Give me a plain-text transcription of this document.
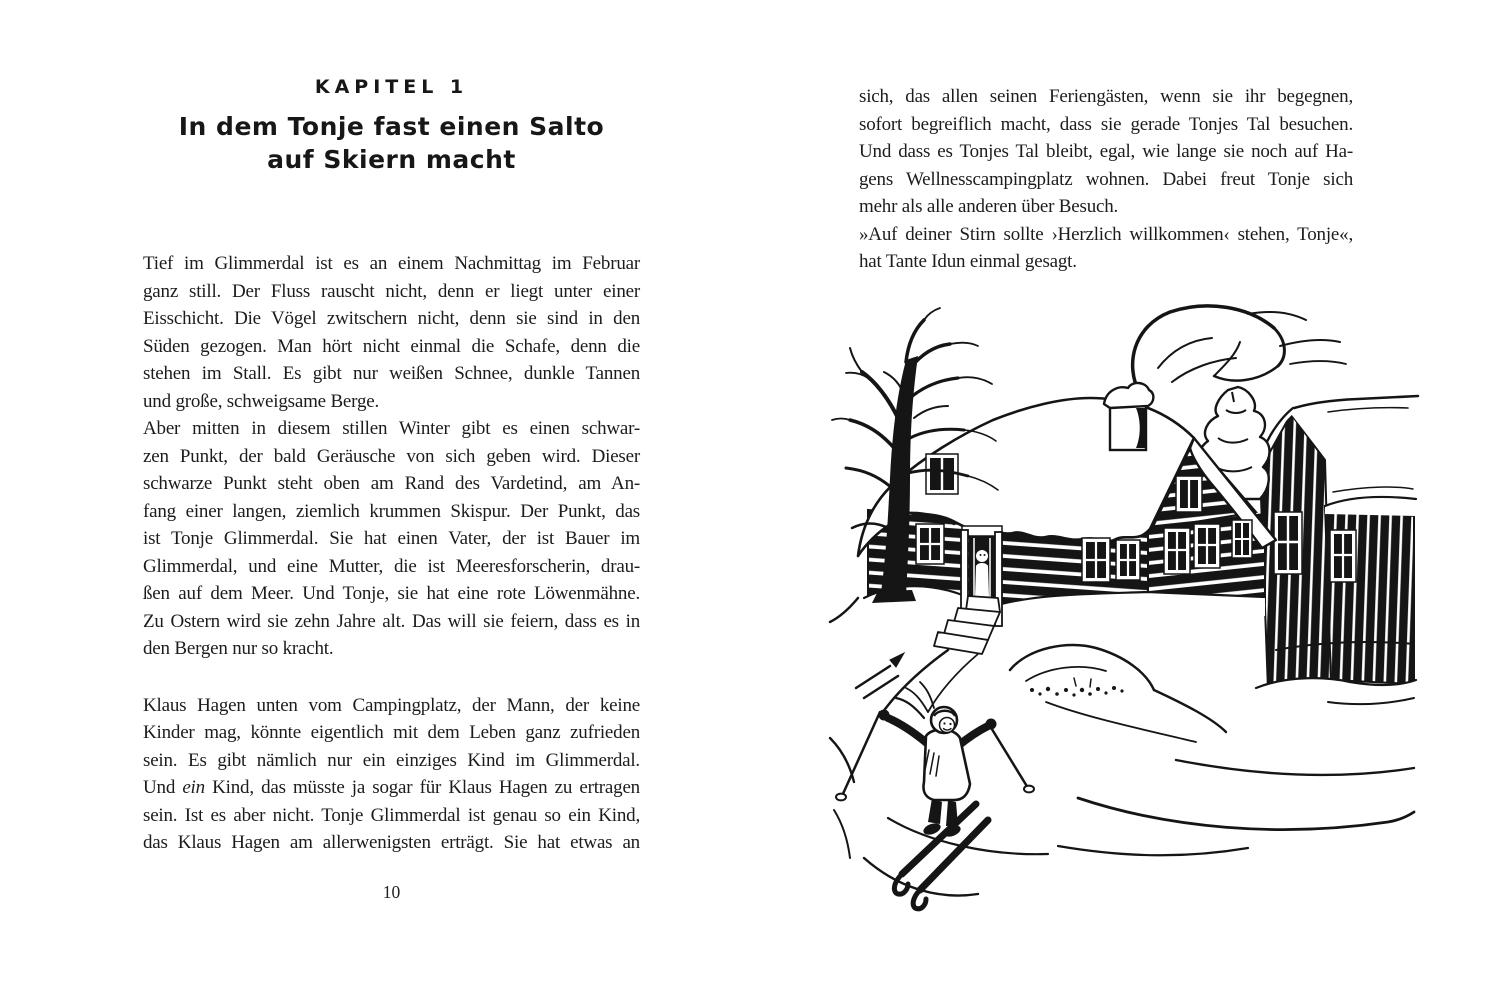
KAPITEL 1
In dem Tonje fast einen Salto
auf Skiern macht
Tief im Glimmerdal ist es an einem Nachmittag im Februar
ganz still. Der Fluss rauscht nicht, denn er liegt unter einer
Eisschicht. Die Vögel zwitschern nicht, denn sie sind in den
Süden gezogen. Man hört nicht einmal die Schafe, denn die
stehen im Stall. Es gibt nur weißen Schnee, dunkle Tannen
und große, schweigsame Berge.
Aber mitten in diesem stillen Winter gibt es einen schwar-
zen Punkt, der bald Geräusche von sich geben wird. Dieser
schwarze Punkt steht oben am Rand des Vardetind, am An-
fang einer langen, ziemlich krummen Skispur. Der Punkt, das
ist Tonje Glimmerdal. Sie hat einen Vater, der ist Bauer im
Glimmerdal, und eine Mutter, die ist Meeresforscherin, drau-
ßen auf dem Meer. Und Tonje, sie hat eine rote Löwenmähne.
Zu Ostern wird sie zehn Jahre alt. Das will sie feiern, dass es in
den Bergen nur so kracht.
Klaus Hagen unten vom Campingplatz, der Mann, der keine
Kinder mag, könnte eigentlich mit dem Leben ganz zufrieden
sein. Es gibt nämlich nur ein einziges Kind im Glimmerdal.
Und ein Kind, das müsste ja sogar für Klaus Hagen zu ertragen
sein. Ist es aber nicht. Tonje Glimmerdal ist genau so ein Kind,
das Klaus Hagen am allerwenigsten erträgt. Sie hat etwas an
10
sich, das allen seinen Feriengästen, wenn sie ihr begegnen,
sofort begreiflich macht, dass sie gerade Tonjes Tal besuchen.
Und dass es Tonjes Tal bleibt, egal, wie lange sie noch auf Ha-
gens Wellnesscampingplatz wohnen. Dabei freut Tonje sich
mehr als alle anderen über Besuch.
»Auf deiner Stirn sollte ›Herzlich willkommen‹ stehen, Tonje«,
hat Tante Idun einmal gesagt.
